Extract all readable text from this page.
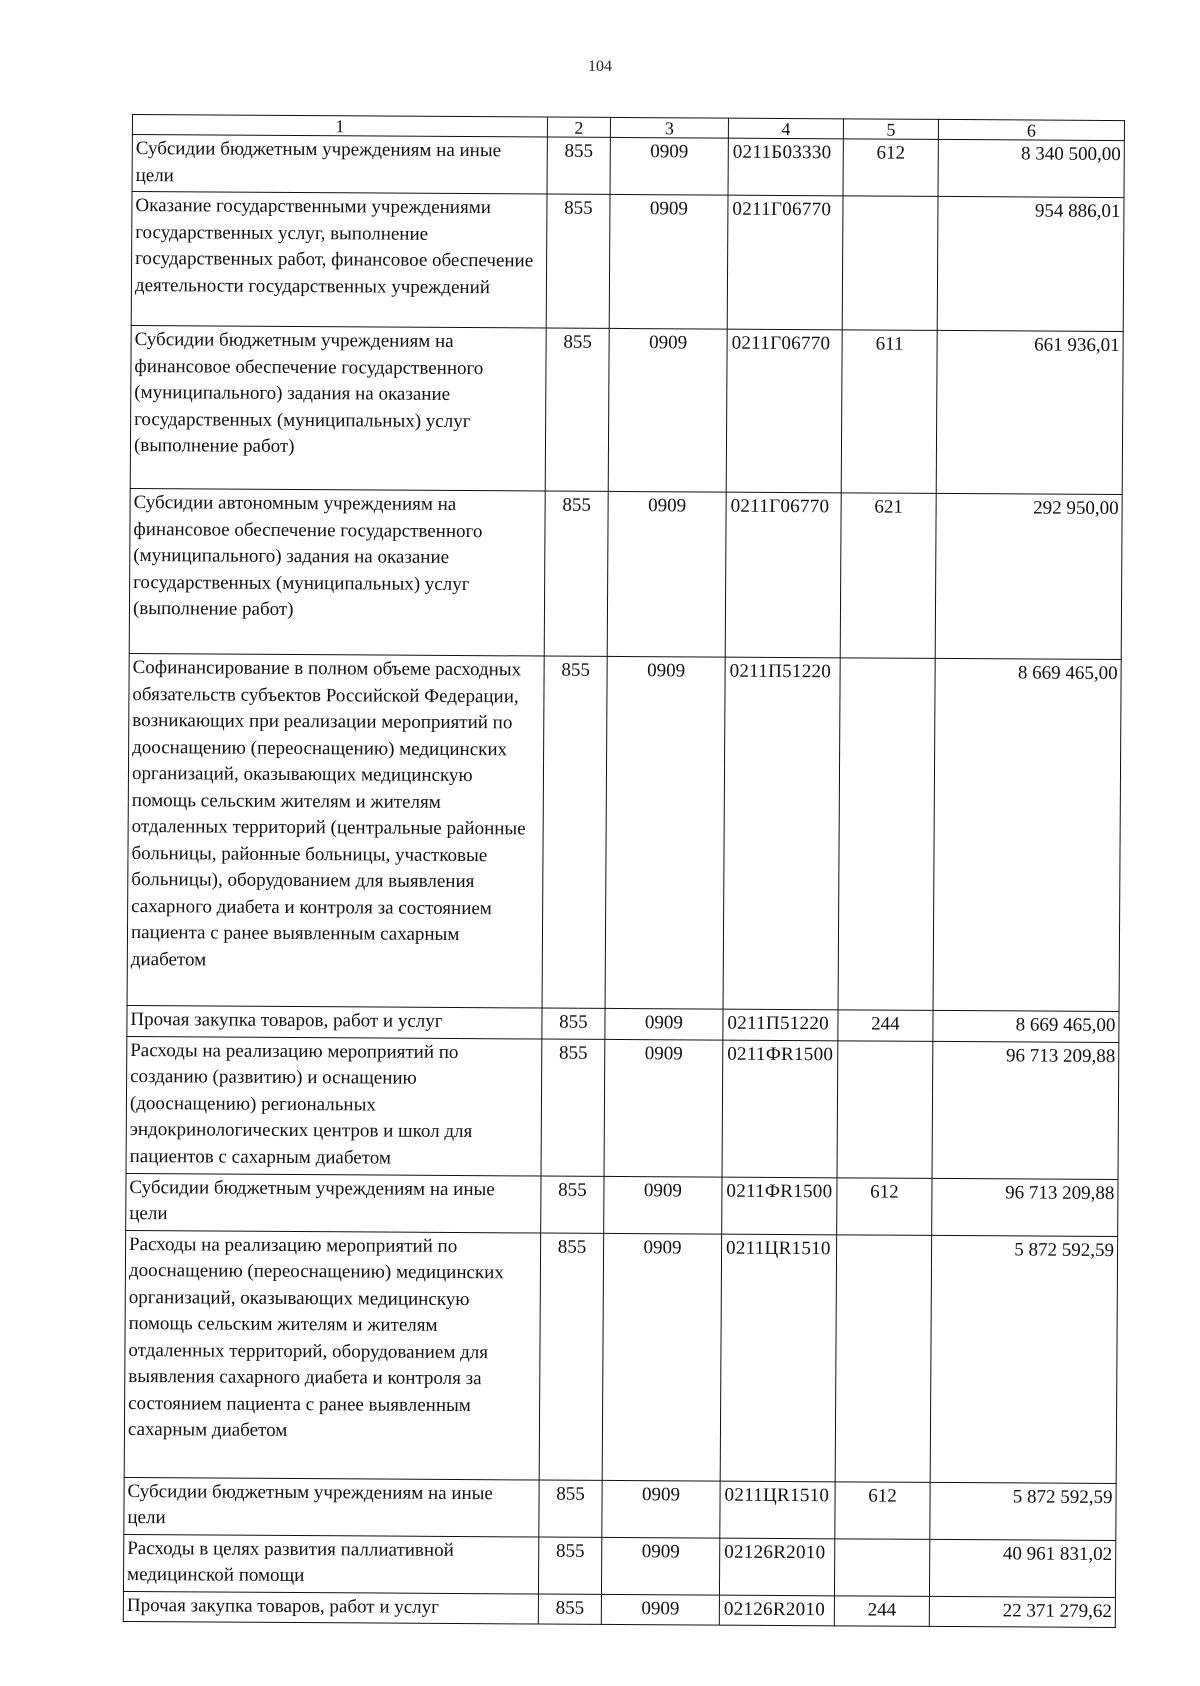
104
1	2	3	4	5	6
Субсидии бюджетным учреждениям на иные цели	855	0909	0211Б03330	612	8 340 500,00
Оказание государственными учреждениями государственных услуг, выполнение государственных работ, финансовое обеспечение деятельности государственных учреждений	855	0909	0211Г06770		954 886,01
Субсидии бюджетным учреждениям на финансовое обеспечение государственного (муниципального) задания на оказание государственных (муниципальных) услуг (выполнение работ)	855	0909	0211Г06770	611	661 936,01
Субсидии автономным учреждениям на финансовое обеспечение государственного (муниципального) задания на оказание государственных (муниципальных) услуг (выполнение работ)	855	0909	0211Г06770	621	292 950,00
Софинансирование в полном объеме расходных обязательств субъектов Российской Федерации, возникающих при реализации мероприятий по дооснащению (переоснащению) медицинских организаций, оказывающих медицинскую помощь сельским жителям и жителям отдаленных территорий (центральные районные больницы, районные больницы, участковые больницы), оборудованием для выявления сахарного диабета и контроля за состоянием пациента с ранее выявленным сахарным диабетом	855	0909	0211П51220		8 669 465,00
Прочая закупка товаров, работ и услуг	855	0909	0211П51220	244	8 669 465,00
Расходы на реализацию мероприятий по созданию (развитию) и оснащению (дооснащению) региональных эндокринологических центров и школ для пациентов с сахарным диабетом	855	0909	0211ФR1500		96 713 209,88
Субсидии бюджетным учреждениям на иные цели	855	0909	0211ФR1500	612	96 713 209,88
Расходы на реализацию мероприятий по дооснащению (переоснащению) медицинских организаций, оказывающих медицинскую помощь сельским жителям и жителям отдаленных территорий, оборудованием для выявления сахарного диабета и контроля за состоянием пациента с ранее выявленным сахарным диабетом	855	0909	0211ЦR1510		5 872 592,59
Субсидии бюджетным учреждениям на иные цели	855	0909	0211ЦR1510	612	5 872 592,59
Расходы в целях развития паллиативной медицинской помощи	855	0909	02126R2010		40 961 831,02
Прочая закупка товаров, работ и услуг	855	0909	02126R2010	244	22 371 279,62
